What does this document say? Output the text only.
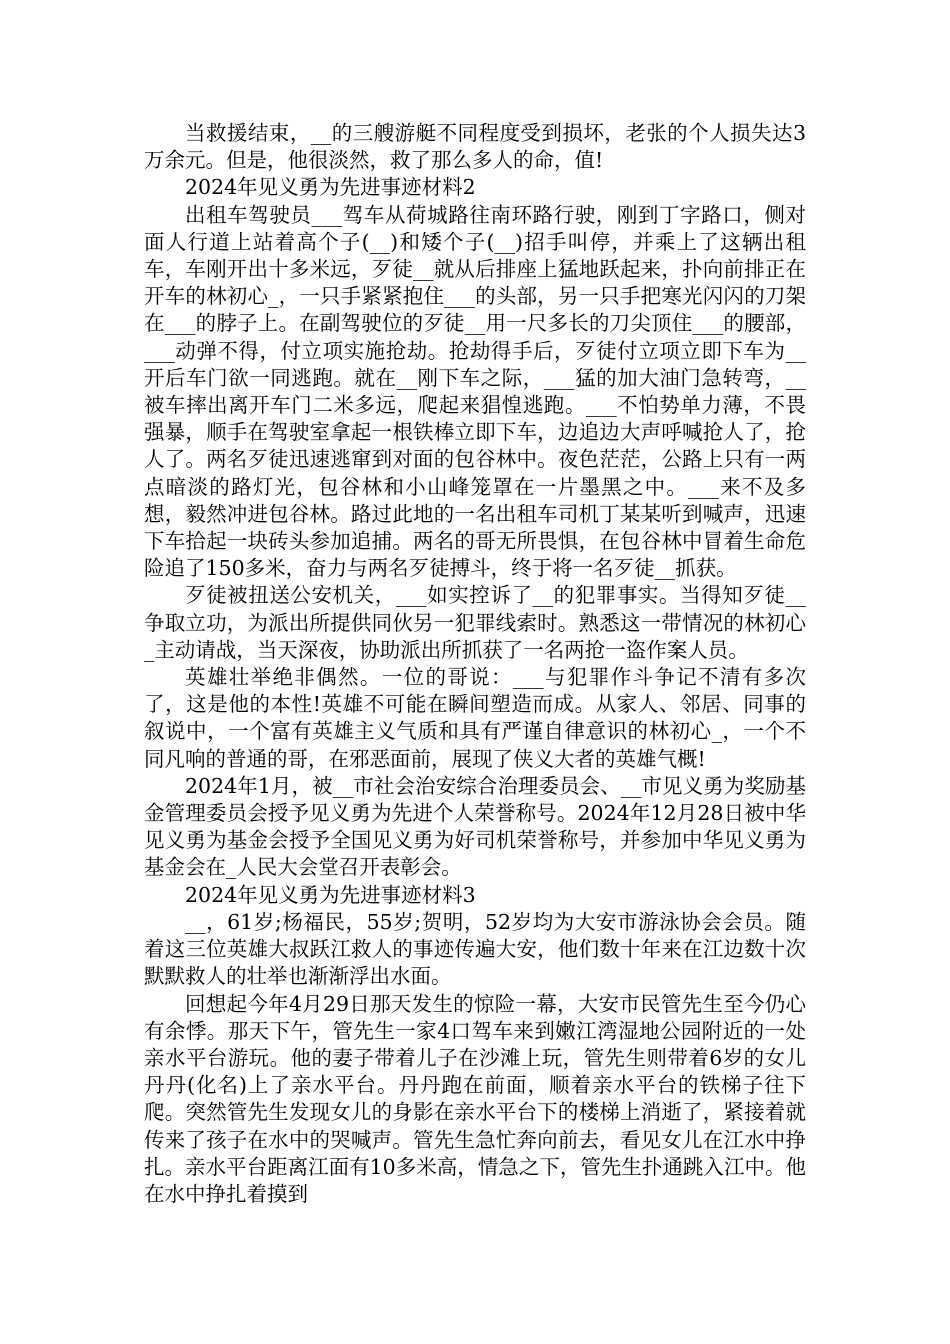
当救援结束，__的三艘游艇不同程度受到损坏，老张的个人损失达3万余元。但是，他很淡然，救了那么多人的命，值!

2024年见义勇为先进事迹材料2

出租车驾驶员___驾车从荷城路往南环路行驶，刚到丁字路口，侧对面人行道上站着高个子(__)和矮个子(__)招手叫停，并乘上了这辆出租车，车刚开出十多米远，歹徒__就从后排座上猛地跃起来，扑向前排正在开车的林初心_，一只手紧紧抱住___的头部，另一只手把寒光闪闪的刀架在___的脖子上。在副驾驶位的歹徒__用一尺多长的刀尖顶住___的腰部，___动弹不得，付立项实施抢劫。抢劫得手后，歹徒付立项立即下车为__开后车门欲一同逃跑。就在__刚下车之际，___猛的加大油门急转弯，__被车摔出离开车门二米多远，爬起来猖惶逃跑。___不怕势单力薄，不畏强暴，顺手在驾驶室拿起一根铁棒立即下车，边追边大声呼喊抢人了，抢人了。两名歹徒迅速逃窜到对面的包谷林中。夜色茫茫，公路上只有一两点暗淡的路灯光，包谷林和小山峰笼罩在一片墨黑之中。___来不及多想，毅然冲进包谷林。路过此地的一名出租车司机丁某某听到喊声，迅速下车拾起一块砖头参加追捕。两名的哥无所畏惧，在包谷林中冒着生命危险追了150多米，奋力与两名歹徒搏斗，终于将一名歹徒__抓获。

歹徒被扭送公安机关，___如实控诉了__的犯罪事实。当得知歹徒__争取立功，为派出所提供同伙另一犯罪线索时。熟悉这一带情况的林初心_主动请战，当天深夜，协助派出所抓获了一名两抢一盗作案人员。

英雄壮举绝非偶然。一位的哥说：___与犯罪作斗争记不清有多次了，这是他的本性!英雄不可能在瞬间塑造而成。从家人、邻居、同事的叙说中，一个富有英雄主义气质和具有严谨自律意识的林初心_，一个不同凡响的普通的哥，在邪恶面前，展现了侠义大者的英雄气概!

2024年1月，被__市社会治安综合治理委员会、__市见义勇为奖励基金管理委员会授予见义勇为先进个人荣誉称号。2024年12月28日被中华见义勇为基金会授予全国见义勇为好司机荣誉称号，并参加中华见义勇为基金会在_人民大会堂召开表彰会。

2024年见义勇为先进事迹材料3

__，61岁;杨福民，55岁;贺明，52岁均为大安市游泳协会会员。随着这三位英雄大叔跃江救人的事迹传遍大安，他们数十年来在江边数十次默默救人的壮举也渐渐浮出水面。

回想起今年4月29日那天发生的惊险一幕，大安市民管先生至今仍心有余悸。那天下午，管先生一家4口驾车来到嫩江湾湿地公园附近的一处亲水平台游玩。他的妻子带着儿子在沙滩上玩，管先生则带着6岁的女儿丹丹(化名)上了亲水平台。丹丹跑在前面，顺着亲水平台的铁梯子往下爬。突然管先生发现女儿的身影在亲水平台下的楼梯上消逝了，紧接着就传来了孩子在水中的哭喊声。管先生急忙奔向前去，看见女儿在江水中挣扎。亲水平台距离江面有10多米高，情急之下，管先生扑通跳入江中。他在水中挣扎着摸到
